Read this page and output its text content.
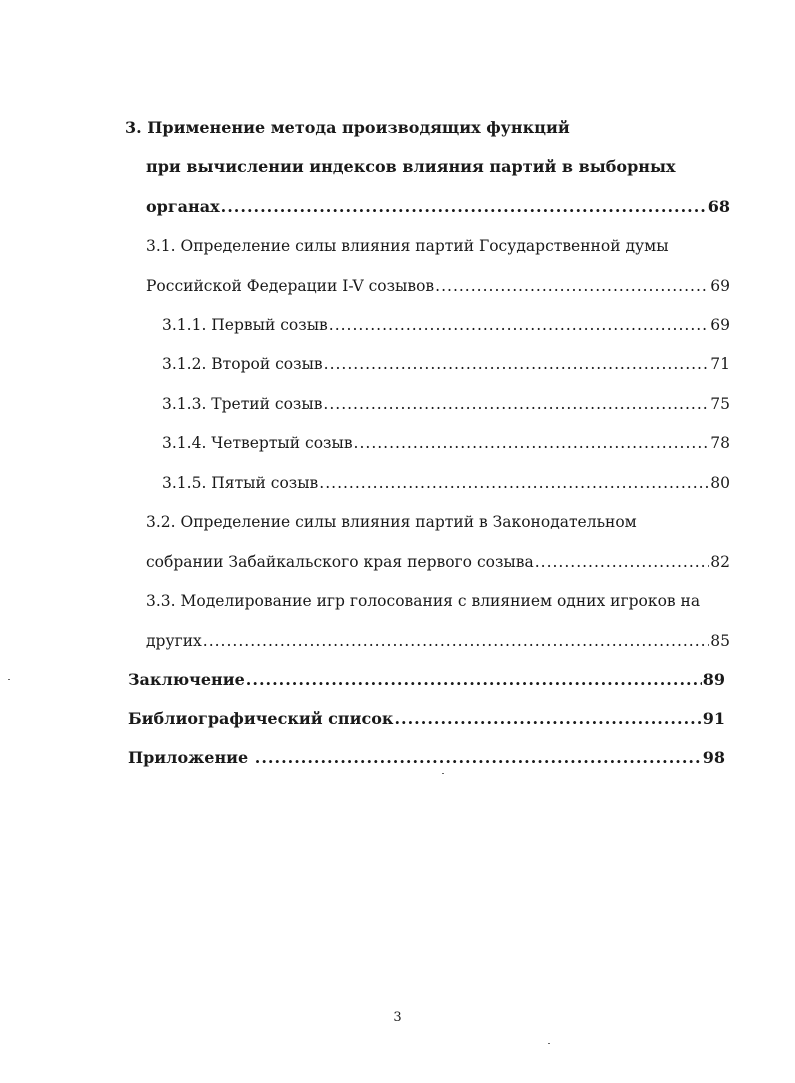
3. Применение метода производящих функций
при вычислении индексов влияния партий в выборных
органах .....	68
3.1. Определение силы влияния партий Государственной думы
Российской Федерации I-V созывов .....	69
3.1.1. Первый созыв .....	69
3.1.2. Второй созыв .....	71
3.1.3. Третий созыв .....	75
3.1.4. Четвертый созыв .....	78
3.1.5. Пятый созыв .....	80
3.2. Определение силы влияния партий в Законодательном
собрании Забайкальского края первого созыва .....	82
3.3. Моделирование игр голосования с влиянием одних игроков на
других .....	85
Заключение .....	89
Библиографический список .....	91
Приложение .....	98
3
